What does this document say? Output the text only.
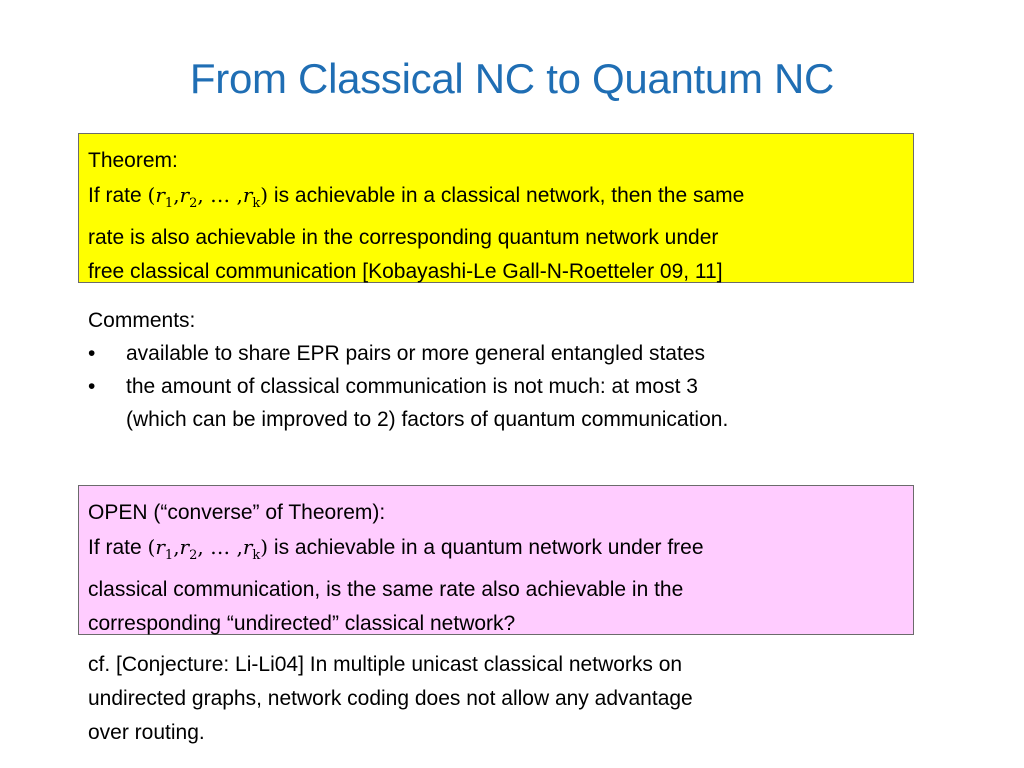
From Classical NC to Quantum NC
Theorem:
If rate ($r_1,r_2$, … $,r_k$) is achievable in a classical network, then the same
rate is also achievable in the corresponding quantum network under
free classical communication [Kobayashi-Le Gall-N-Roetteler 09, 11]
Comments:
• available to share EPR pairs or more general entangled states
• the amount of classical communication is not much: at most 3
(which can be improved to 2) factors of quantum communication.
OPEN (“converse” of Theorem):
If rate ($r_1,r_2$, … $,r_k$) is achievable in a quantum network under free
classical communication, is the same rate also achievable in the
corresponding “undirected” classical network?
cf. [Conjecture: Li-Li04] In multiple unicast classical networks on
undirected graphs, network coding does not allow any advantage
over routing.
